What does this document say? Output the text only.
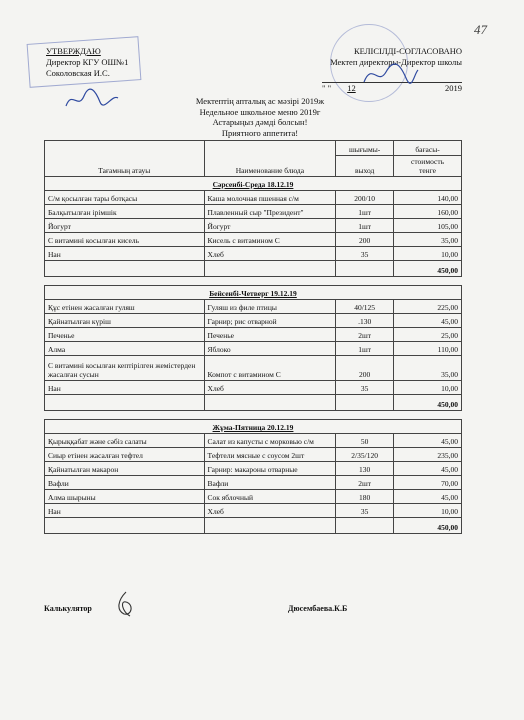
47
УТВЕРЖДАЮ
Директор КГУ ОШ№1
Соколовская И.С.
КЕЛІСІЛДІ-СОГЛАСОВАНО
Мектеп директоры-Директор школы
" " 12	2019
Мектептің апталық ас мәзірі 2019ж
Недельное школьное меню 2019г
Астарыңыз дәмді болсын!
Приятного аппетита!
Тағамның атауы	Наименование блюда	шығымы-	бағасы-
		выход	стоимость
тенге
Сәрсенбі-Среда 18.12.19			
С/м қосылған тары ботқасы	Каша молочная пшенная с/м	200/10	140,00
Балқытылған ірімшік	Плавленный сыр "Президент"	1шт	160,00
Йогурт	Йогурт	1шт	105,00
С витамині косылған кисель	Кисель с витамином С	200	35,00
Нан	Хлеб	35	10,00
			450,00

Бейсенбі-Четверг 19.12.19			
Құс етінен жасалған гуляш	Гуляш из филе птицы	40/125	225,00
Қайнатылған күріш	Гарнир; рис отварной	.130	45,00
Печенье	Печенье	2шт	25,00
Алма	Яблоко	1шт	110,00
С витамині косылған кептірілген жемістерден жасалған сусын	Компот с витамином С	200	35,00
Нан	Хлеб	35	10,00
			450,00

Жұма-Пятница 20.12.19			
Қырыққабат және сәбіз салаты	Салат из капусты с морковью с/м	50	45,00
Сиыр етінен жасалған тефтел	Тефтели мясные с соусом 2шт	2/35/120	235,00
Қайнатылған макарон	Гарнир: макароны отварные	130	45,00
Вафли	Вафли	2шт	70,00
Алма шырыны	Сок яблочный	180	45,00
Нан	Хлеб	35	10,00
			450,00
Калькулятор	Дюсембаева.К.Б
